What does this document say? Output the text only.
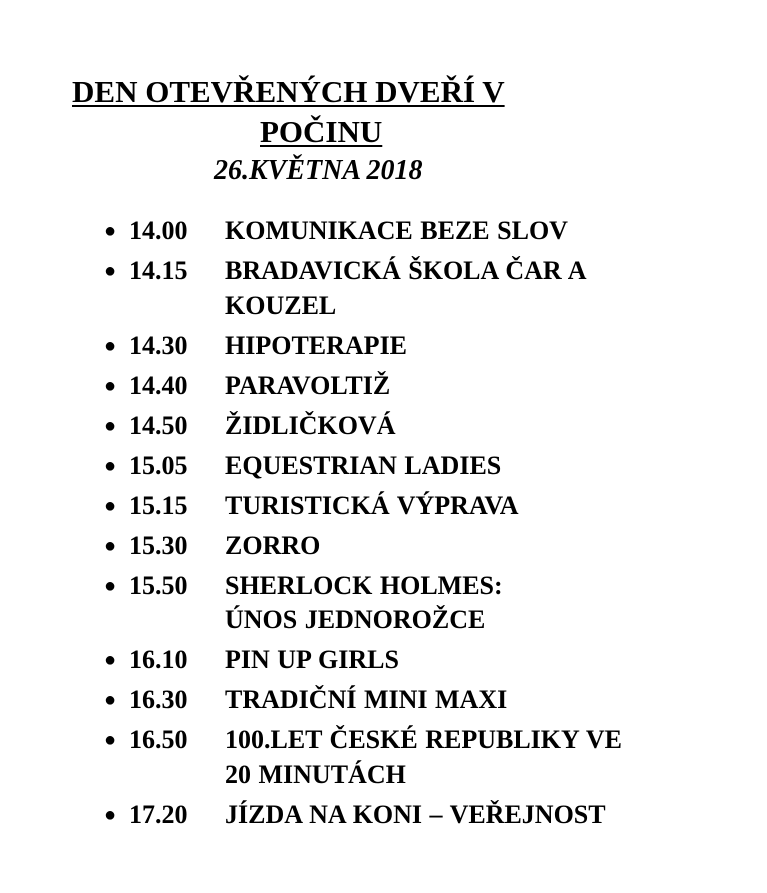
DEN OTEVŘENÝCH DVEŘÍ V
POČINU
26.KVĚTNA 2018
● 14.00	KOMUNIKACE BEZE SLOV
● 14.15	BRADAVICKÁ ŠKOLA ČAR A KOUZEL
● 14.30	HIPOTERAPIE
● 14.40	PARAVOLTIŽ
● 14.50	ŽIDLIČKOVÁ
● 15.05	EQUESTRIAN LADIES
● 15.15	TURISTICKÁ VÝPRAVA
● 15.30	ZORRO
● 15.50	SHERLOCK HOLMES: ÚNOS JEDNOROŽCE
● 16.10	PIN UP GIRLS
● 16.30	TRADIČNÍ MINI MAXI
● 16.50	100.LET ČESKÉ REPUBLIKY VE 20 MINUTÁCH
● 17.20	JÍZDA NA KONI – VEŘEJNOST
